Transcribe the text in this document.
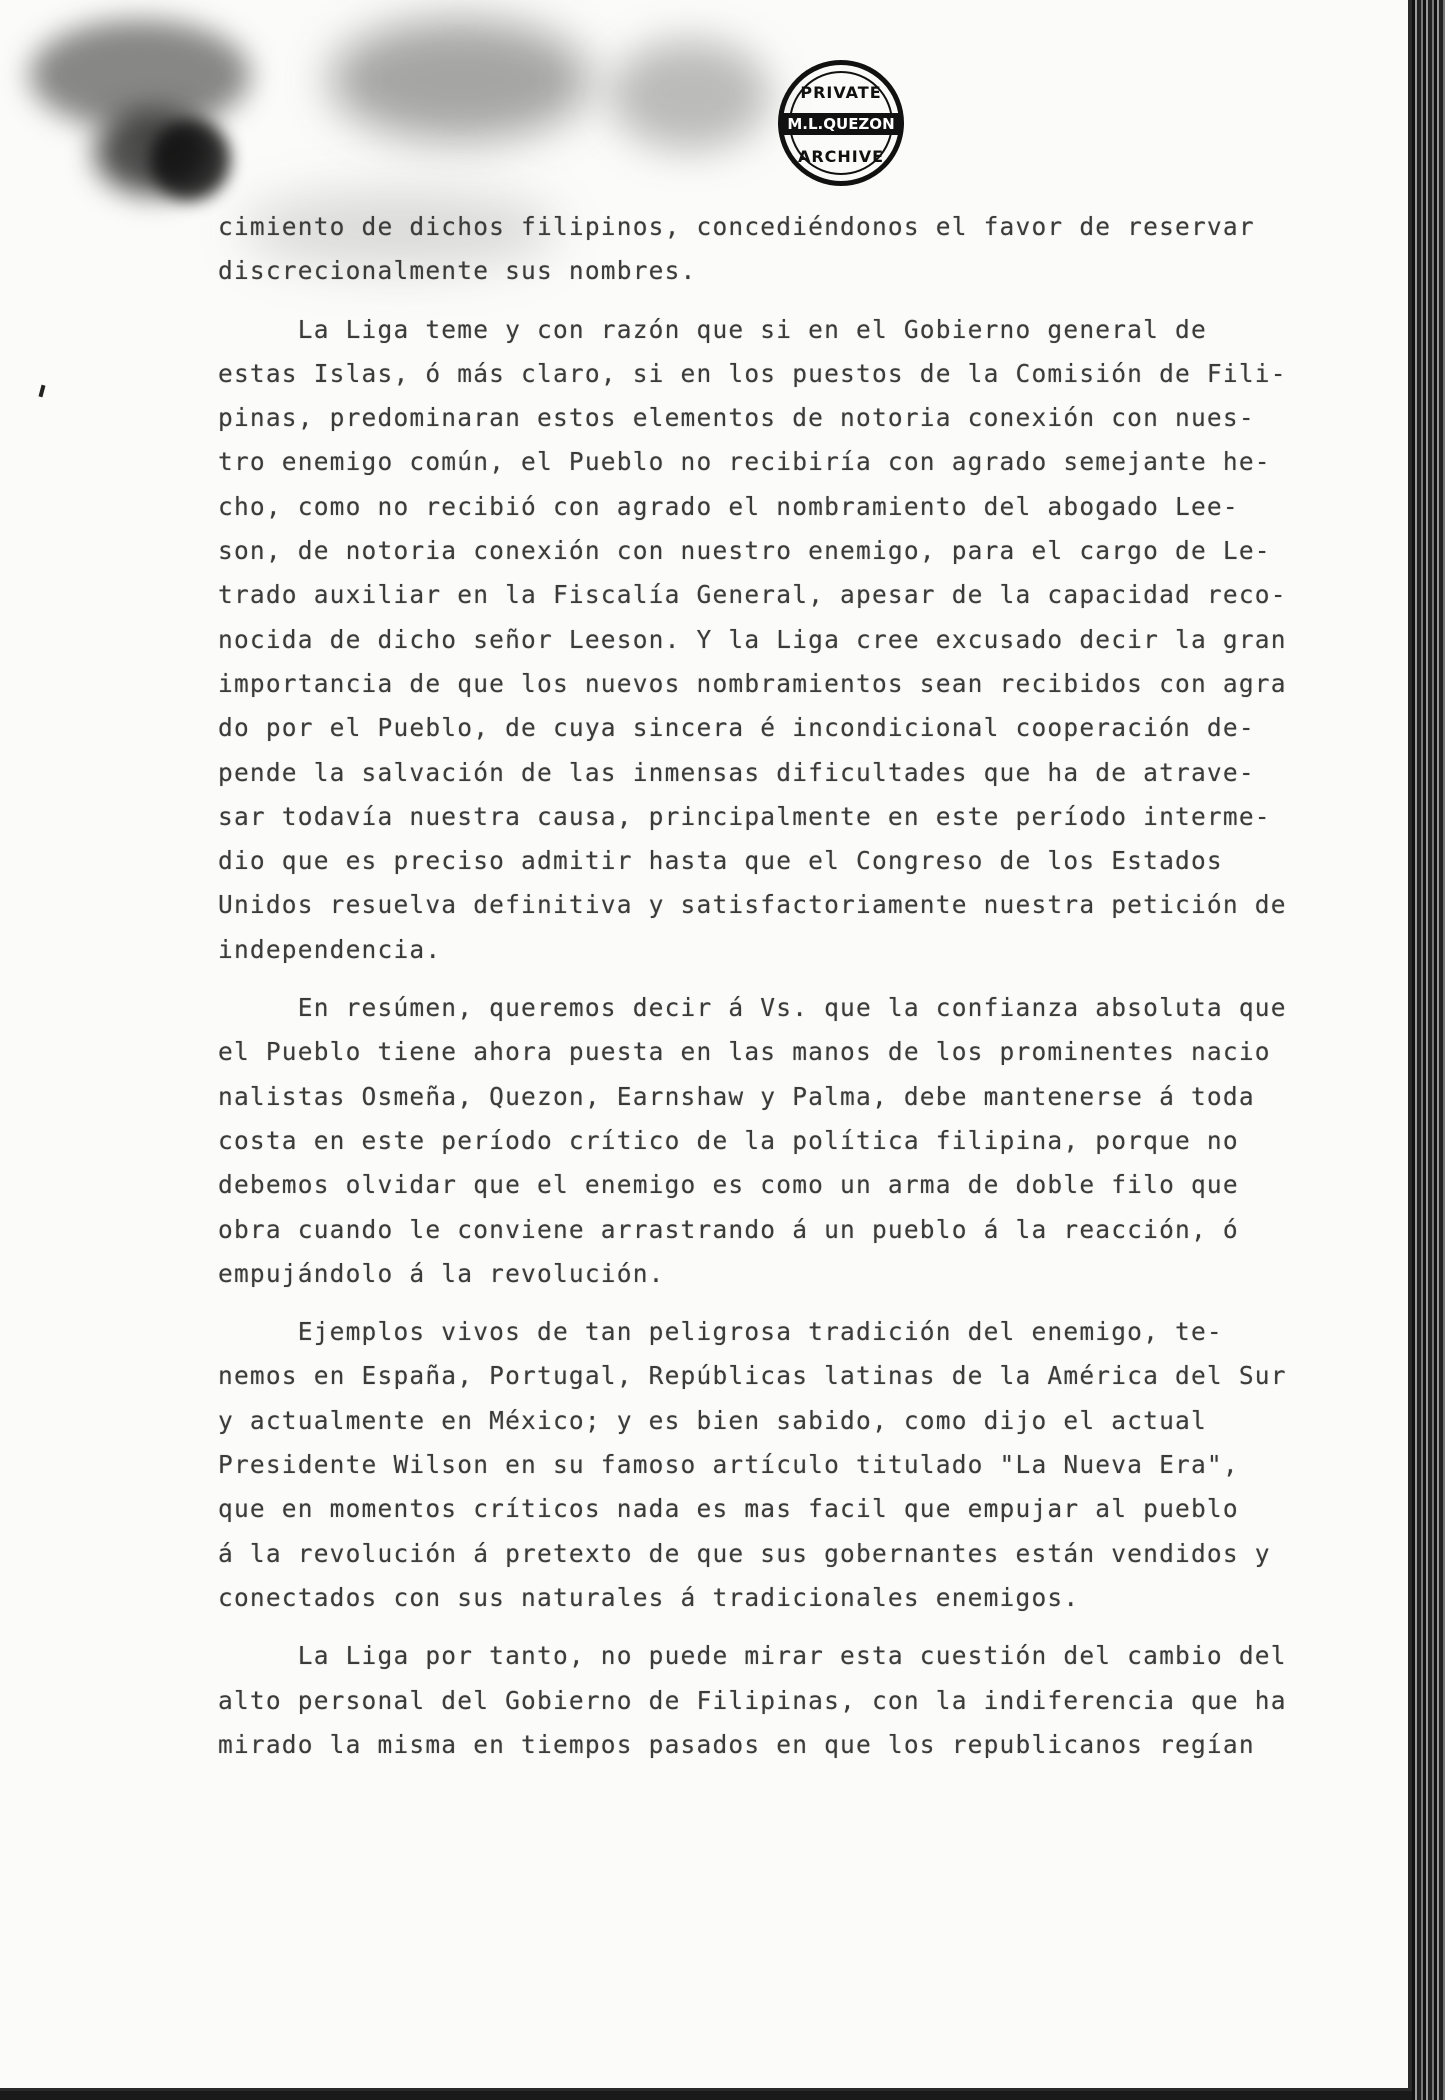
PRIVATE
M.L.QUEZON
ARCHIVE
cimiento de dichos filipinos, concediéndonos el favor de reservar
discrecionalmente sus nombres.
La Liga teme y con razón que si en el Gobierno general de
estas Islas, ó más claro, si en los puestos de la Comisión de Fili-
pinas, predominaran estos elementos de notoria conexión con nues-
tro enemigo común, el Pueblo no recibiría con agrado semejante he-
cho, como no recibió con agrado el nombramiento del abogado Lee-
son, de notoria conexión con nuestro enemigo, para el cargo de Le-
trado auxiliar en la Fiscalía General, apesar de la capacidad reco-
nocida de dicho señor Leeson. Y la Liga cree excusado decir la gran
importancia de que los nuevos nombramientos sean recibidos con agra
do por el Pueblo, de cuya sincera é incondicional cooperación de-
pende la salvación de las inmensas dificultades que ha de atrave-
sar todavía nuestra causa, principalmente en este período interme-
dio que es preciso admitir hasta que el Congreso de los Estados
Unidos resuelva definitiva y satisfactoriamente nuestra petición de
independencia.
En resúmen, queremos decir á Vs. que la confianza absoluta que
el Pueblo tiene ahora puesta en las manos de los prominentes nacio
nalistas Osmeña, Quezon, Earnshaw y Palma, debe mantenerse á toda
costa en este período crítico de la política filipina, porque no
debemos olvidar que el enemigo es como un arma de doble filo que
obra cuando le conviene arrastrando á un pueblo á la reacción, ó
empujándolo á la revolución.
Ejemplos vivos de tan peligrosa tradición del enemigo, te-
nemos en España, Portugal, Repúblicas latinas de la América del Sur
y actualmente en México; y es bien sabido, como dijo el actual
Presidente Wilson en su famoso artículo titulado "La Nueva Era",
que en momentos críticos nada es mas facil que empujar al pueblo
á la revolución á pretexto de que sus gobernantes están vendidos y
conectados con sus naturales á tradicionales enemigos.
La Liga por tanto, no puede mirar esta cuestión del cambio del
alto personal del Gobierno de Filipinas, con la indiferencia que ha
mirado la misma en tiempos pasados en que los republicanos regían
